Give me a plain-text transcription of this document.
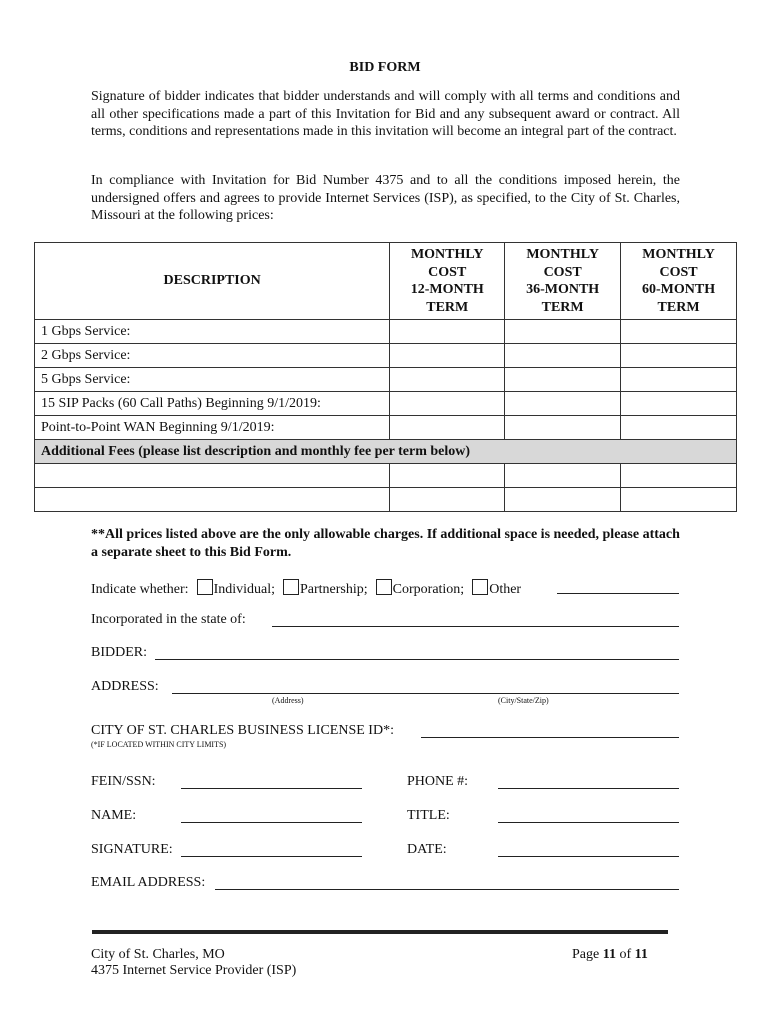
BID FORM
Signature of bidder indicates that bidder understands and will comply with all terms and conditions and all other specifications made a part of this Invitation for Bid and any subsequent award or contract. All terms, conditions and representations made in this invitation will become an integral part of the contract.
In compliance with Invitation for Bid Number 4375 and to all the conditions imposed herein, the undersigned offers and agrees to provide Internet Services (ISP), as specified, to the City of St. Charles, Missouri at the following prices:
DESCRIPTION	MONTHLY
COST
12-MONTH
TERM	MONTHLY
COST
36-MONTH
TERM	MONTHLY
COST
60-MONTH
TERM
1 Gbps Service:			
2 Gbps Service:			
5 Gbps Service:			
15 SIP Packs (60 Call Paths) Beginning 9/1/2019:			
Point-to-Point WAN Beginning 9/1/2019:			
Additional Fees (please list description and monthly fee per term below)			

**All prices listed above are the only allowable charges. If additional space is needed, please attach a separate sheet to this Bid Form.
Indicate whether: Individual; Partnership; Corporation; Other
Incorporated in the state of:
BIDDER:
ADDRESS:
(Address)	(City/State/Zip)
CITY OF ST. CHARLES BUSINESS LICENSE ID*:
(*IF LOCATED WITHIN CITY LIMITS)
FEIN/SSN:	PHONE #:
NAME:	TITLE:
SIGNATURE:	DATE:
EMAIL ADDRESS:
City of St. Charles, MO
4375 Internet Service Provider (ISP)
Page 11 of 11
